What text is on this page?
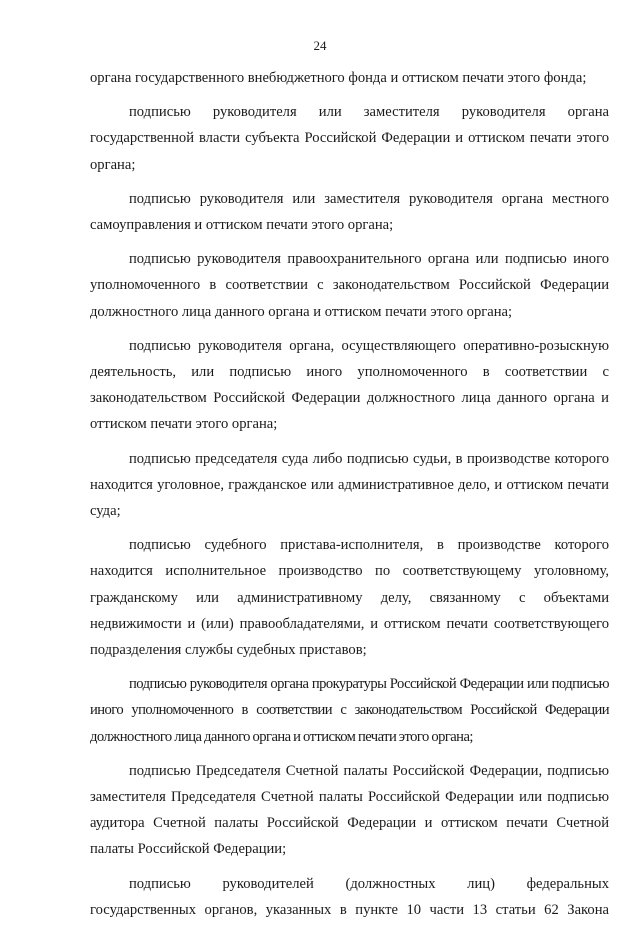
24

органа государственного внебюджетного фонда и оттиском печати этого фонда;

подписью руководителя или заместителя руководителя органа государственной власти субъекта Российской Федерации и оттиском печати этого органа;

подписью руководителя или заместителя руководителя органа местного самоуправления и оттиском печати этого органа;

подписью руководителя правоохранительного органа или подписью иного уполномоченного в соответствии с законодательством Российской Федерации должностного лица данного органа и оттиском печати этого органа;

подписью руководителя органа, осуществляющего оперативно-розыскную деятельность, или подписью иного уполномоченного в соответствии с законодательством Российской Федерации должностного лица данного органа и оттиском печати этого органа;

подписью председателя суда либо подписью судьи, в производстве которого находится уголовное, гражданское или административное дело, и оттиском печати суда;

подписью судебного пристава-исполнителя, в производстве которого находится исполнительное производство по соответствующему уголовному, гражданскому или административному делу, связанному с объектами недвижимости и (или) правообладателями, и оттиском печати соответствующего подразделения службы судебных приставов;

подписью руководителя органа прокуратуры Российской Федерации или подписью иного уполномоченного в соответствии с законодательством Российской Федерации должностного лица данного органа и оттиском печати этого органа;

подписью Председателя Счетной палаты Российской Федерации, подписью заместителя Председателя Счетной палаты Российской Федерации или подписью аудитора Счетной палаты Российской Федерации и оттиском печати Счетной палаты Российской Федерации;

подписью руководителей (должностных лиц) федеральных
государственных органов, указанных в пункте 10 части 13 статьи 62 Закона
